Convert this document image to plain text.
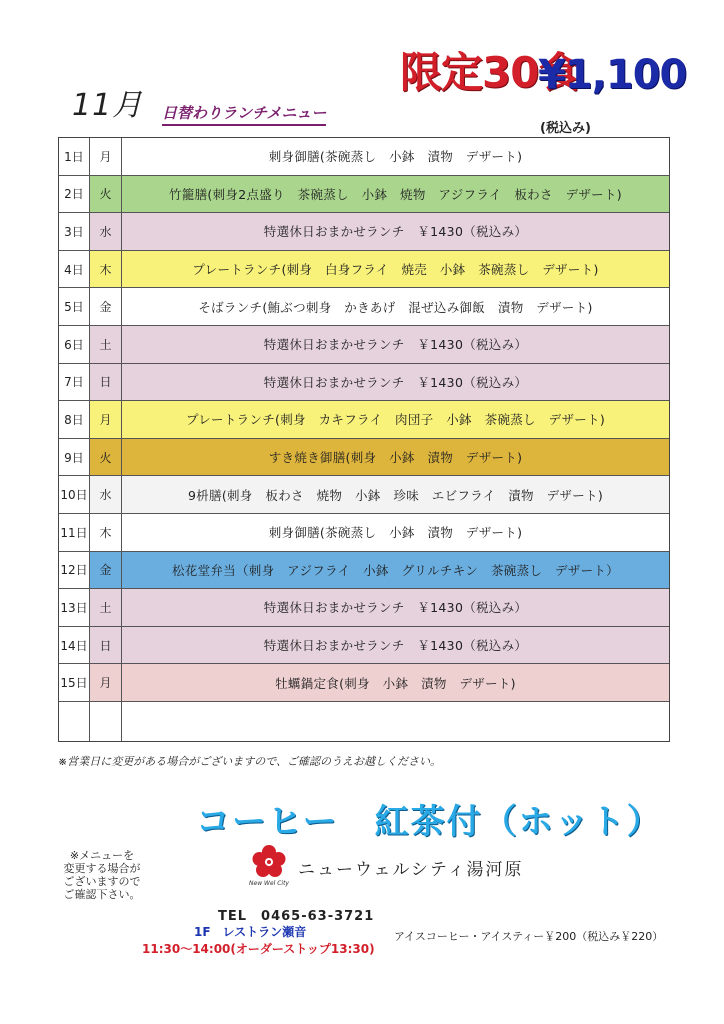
11月 日替わりランチメニュー
限定30食
¥1,100
(税込み)
1日	月	刺身御膳(茶碗蒸し　小鉢　漬物　デザート)
2日	火	竹籠膳(刺身2点盛り　茶碗蒸し　小鉢　焼物　アジフライ　板わさ　デザート)
3日	水	特選休日おまかせランチ　￥1430（税込み）
4日	木	プレートランチ(刺身　白身フライ　焼売　小鉢　茶碗蒸し　デザート)
5日	金	そばランチ(鮪ぶつ刺身　かきあげ　混ぜ込み御飯　漬物　デザート)
6日	土	特選休日おまかせランチ　￥1430（税込み）
7日	日	特選休日おまかせランチ　￥1430（税込み）
8日	月	プレートランチ(刺身　カキフライ　肉団子　小鉢　茶碗蒸し　デザート)
9日	火	すき焼き御膳(刺身　小鉢　漬物　デザート)
10日 水	9枡膳(刺身　板わさ　焼物　小鉢　珍味　エビフライ　漬物　デザート)
11日 木	刺身御膳(茶碗蒸し　小鉢　漬物　デザート)
12日 金	松花堂弁当（刺身　アジフライ　小鉢　グリルチキン　茶碗蒸し　デザート）
13日 土	特選休日おまかせランチ　￥1430（税込み）
14日 日	特選休日おまかせランチ　￥1430（税込み）
15日 月	牡蠣鍋定食(刺身　小鉢　漬物　デザート)
※営業日に変更がある場合がございますので、ご確認のうえお越しください。
コーヒー　紅茶付（ホット）
※メニューを
変更する場合が
ございますので
ご確認下さい。
New Wel City
ニューウェルシティ湯河原
TEL　0465-63-3721
1F　レストラン瀬音
11:30～14:00(オーダーストップ13:30)
アイスコーヒー・アイスティー￥200（税込み￥220）
